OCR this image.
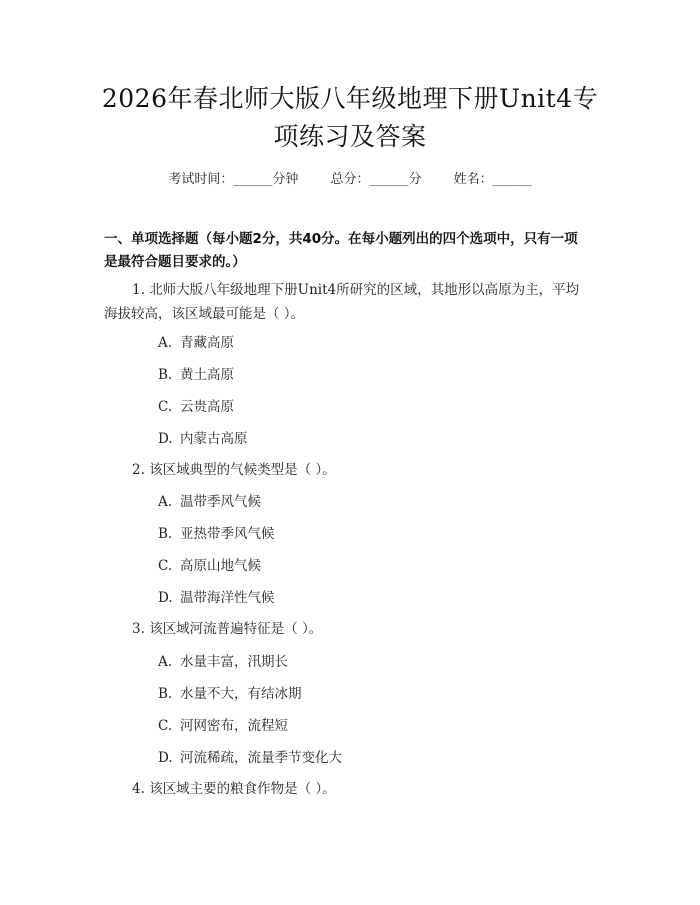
2026年春北师大版八年级地理下册Unit4专
项练习及答案
考试时间：______分钟 总分：______分 姓名：______
一、单项选择题（每小题2分，共40分。在每小题列出的四个选项中，只有一项
是最符合题目要求的。）
1. 北师大版八年级地理下册Unit4所研究的区域，其地形以高原为主，平均
海拔较高，该区域最可能是（ ）。
A. 青藏高原
B. 黄土高原
C. 云贵高原
D. 内蒙古高原
2. 该区域典型的气候类型是（ ）。
A. 温带季风气候
B. 亚热带季风气候
C. 高原山地气候
D. 温带海洋性气候
3. 该区域河流普遍特征是（ ）。
A. 水量丰富，汛期长
B. 水量不大，有结冰期
C. 河网密布，流程短
D. 河流稀疏，流量季节变化大
4. 该区域主要的粮食作物是（ ）。
